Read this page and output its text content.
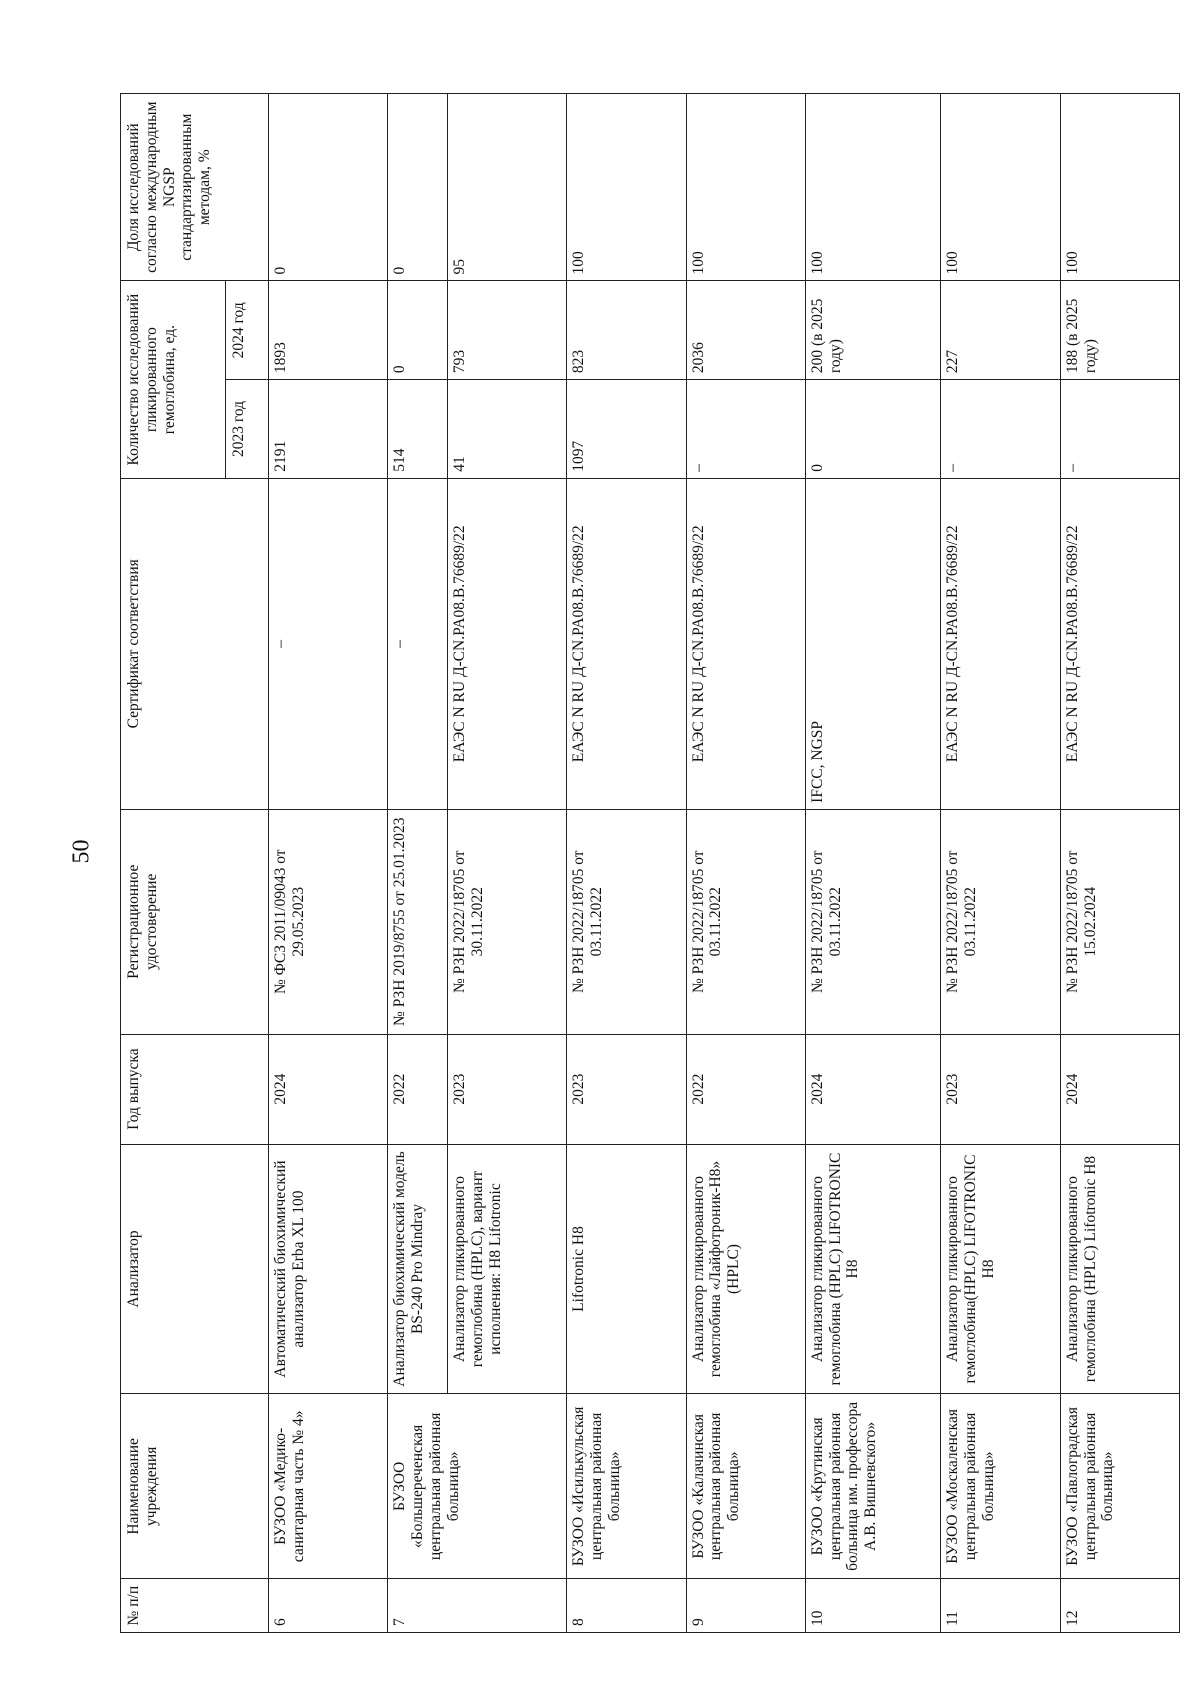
50
№ п/п	Наименование учреждения	Анализатор	Год выпуска	Регистрационное удостоверение	Сертификат соответствия	Количество исследований гликированного гемоглобина, ед.		Доля исследований согласно международным NGSP стандартизированным методам, %
						2023 год	2024 год	
6	БУЗОО «Медико-санитарная часть № 4»	Автоматический биохимический анализатор Erba XL 100	2024	№ ФСЗ 2011/09043 от 29.05.2023	–	2191	1893	0
7	БУЗОО «Большереченская центральная районная больница»	Анализатор биохимический модель BS-240 Pro Mindray	2022	№ РЗН 2019/8755 от 25.01.2023	–	514	0	0
		Анализатор гликированного гемоглобина (HPLC), вариант исполнения: H8 Lifotronic	2023	№ РЗН 2022/18705 от 30.11.2022	ЕАЭС N RU Д-CN.PA08.B.76689/22	41	793	95
8	БУЗОО «Исилькульская центральная районная больница»	Lifotronic H8	2023	№ РЗН 2022/18705 от 03.11.2022	ЕАЭС N RU Д-CN.PA08.B.76689/22	1097	823	100
9	БУЗОО «Калачинская центральная районная больница»	Анализатор гликированного гемоглобина «Лайфотроник-H8» (HPLC)	2022	№ РЗН 2022/18705 от 03.11.2022	ЕАЭС N RU Д-CN.PA08.B.76689/22	–	2036	100
10	БУЗОО «Крутинская центральная районная больница им. профессора А.В. Вишневского»	Анализатор гликированного гемоглобина (HPLC) LIFOTRONIC H8	2024	№ РЗН 2022/18705 от 03.11.2022	IFCC, NGSP	0	200 (в 2025 году)	100
11	БУЗОО «Москаленская центральная районная больница»	Анализатор гликированного гемоглобина(HPLC) LIFOTRONIC H8	2023	№ РЗН 2022/18705 от 03.11.2022	ЕАЭС N RU Д-CN.PA08.B.76689/22	–	227	100
12	БУЗОО «Павлоградская центральная районная больница»	Анализатор гликированного гемоглобина (HPLC) Lifotronic H8	2024	№ РЗН 2022/18705 от 15.02.2024	ЕАЭС N RU Д-CN.PA08.B.76689/22	–	188 (в 2025 году)	100
